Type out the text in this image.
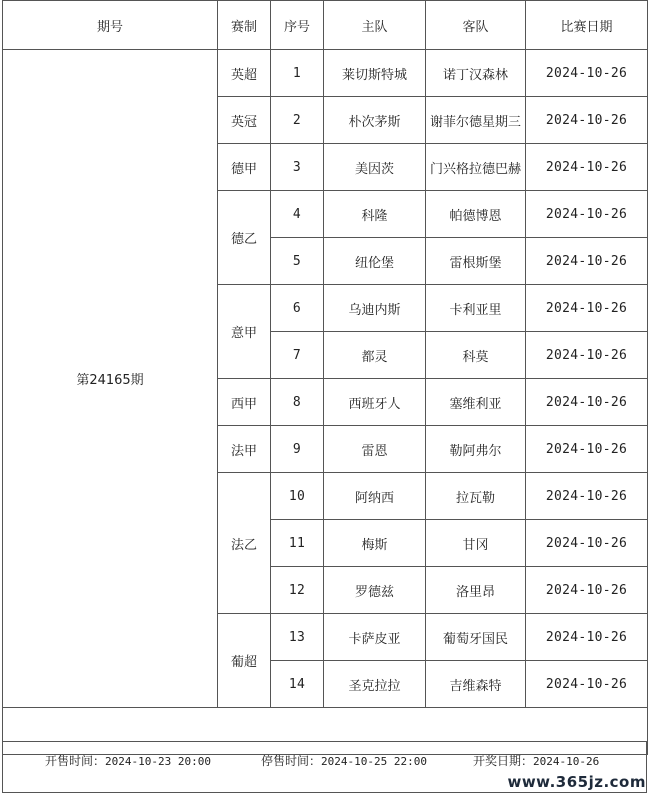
期号	赛制	序号	主队	客队	比赛日期
第24165期	英超	1	莱切斯特城	诺丁汉森林	2024-10-26
	英冠	2	朴次茅斯	谢菲尔德星期三	2024-10-26
	德甲	3	美因茨	门兴格拉德巴赫	2024-10-26
	德乙	4	科隆	帕德博恩	2024-10-26
		5	纽伦堡	雷根斯堡	2024-10-26
	意甲	6	乌迪内斯	卡利亚里	2024-10-26
		7	都灵	科莫	2024-10-26
	西甲	8	西班牙人	塞维利亚	2024-10-26
	法甲	9	雷恩	勒阿弗尔	2024-10-26
	法乙	10	阿纳西	拉瓦勒	2024-10-26
		11	梅斯	甘冈	2024-10-26
		12	罗德兹	洛里昂	2024-10-26
	葡超	13	卡萨皮亚	葡萄牙国民	2024-10-26
		14	圣克拉拉	吉维森特	2024-10-26

开售时间：2024-10-23 20:00	停售时间：2024-10-25 22:00	开奖日期：2024-10-26
www.365jz.com
